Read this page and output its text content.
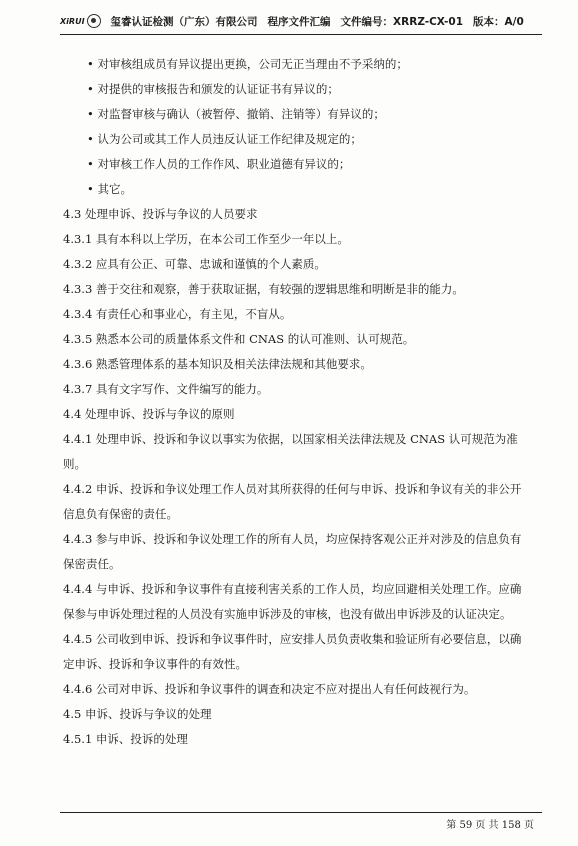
XiRUI 玺睿认证检测（广东）有限公司 程序文件汇编 文件编号：XRRZ-CX-01 版本：A/0
• 对审核组成员有异议提出更换，公司无正当理由不予采纳的；
• 对提供的审核报告和颁发的认证证书有异议的；
• 对监督审核与确认（被暂停、撤销、注销等）有异议的；
• 认为公司或其工作人员违反认证工作纪律及规定的；
• 对审核工作人员的工作作风、职业道德有异议的；
• 其它。
4.3 处理申诉、投诉与争议的人员要求
4.3.1 具有本科以上学历，在本公司工作至少一年以上。
4.3.2 应具有公正、可靠、忠诚和谨慎的个人素质。
4.3.3 善于交往和观察，善于获取证据，有较强的逻辑思维和明断是非的能力。
4.3.4 有责任心和事业心，有主见，不盲从。
4.3.5 熟悉本公司的质量体系文件和 CNAS 的认可准则、认可规范。
4.3.6 熟悉管理体系的基本知识及相关法律法规和其他要求。
4.3.7 具有文字写作、文件编写的能力。
4.4 处理申诉、投诉与争议的原则
4.4.1 处理申诉、投诉和争议以事实为依据，以国家相关法律法规及 CNAS 认可规范为准则。
4.4.2 申诉、投诉和争议处理工作人员对其所获得的任何与申诉、投诉和争议有关的非公开信息负有保密的责任。
4.4.3 参与申诉、投诉和争议处理工作的所有人员，均应保持客观公正并对涉及的信息负有保密责任。
4.4.4 与申诉、投诉和争议事件有直接利害关系的工作人员，均应回避相关处理工作。应确保参与申诉处理过程的人员没有实施申诉涉及的审核，也没有做出申诉涉及的认证决定。
4.4.5 公司收到申诉、投诉和争议事件时，应安排人员负责收集和验证所有必要信息，以确定申诉、投诉和争议事件的有效性。
4.4.6 公司对申诉、投诉和争议事件的调查和决定不应对提出人有任何歧视行为。
4.5 申诉、投诉与争议的处理
4.5.1 申诉、投诉的处理
第 59 页 共 158 页
